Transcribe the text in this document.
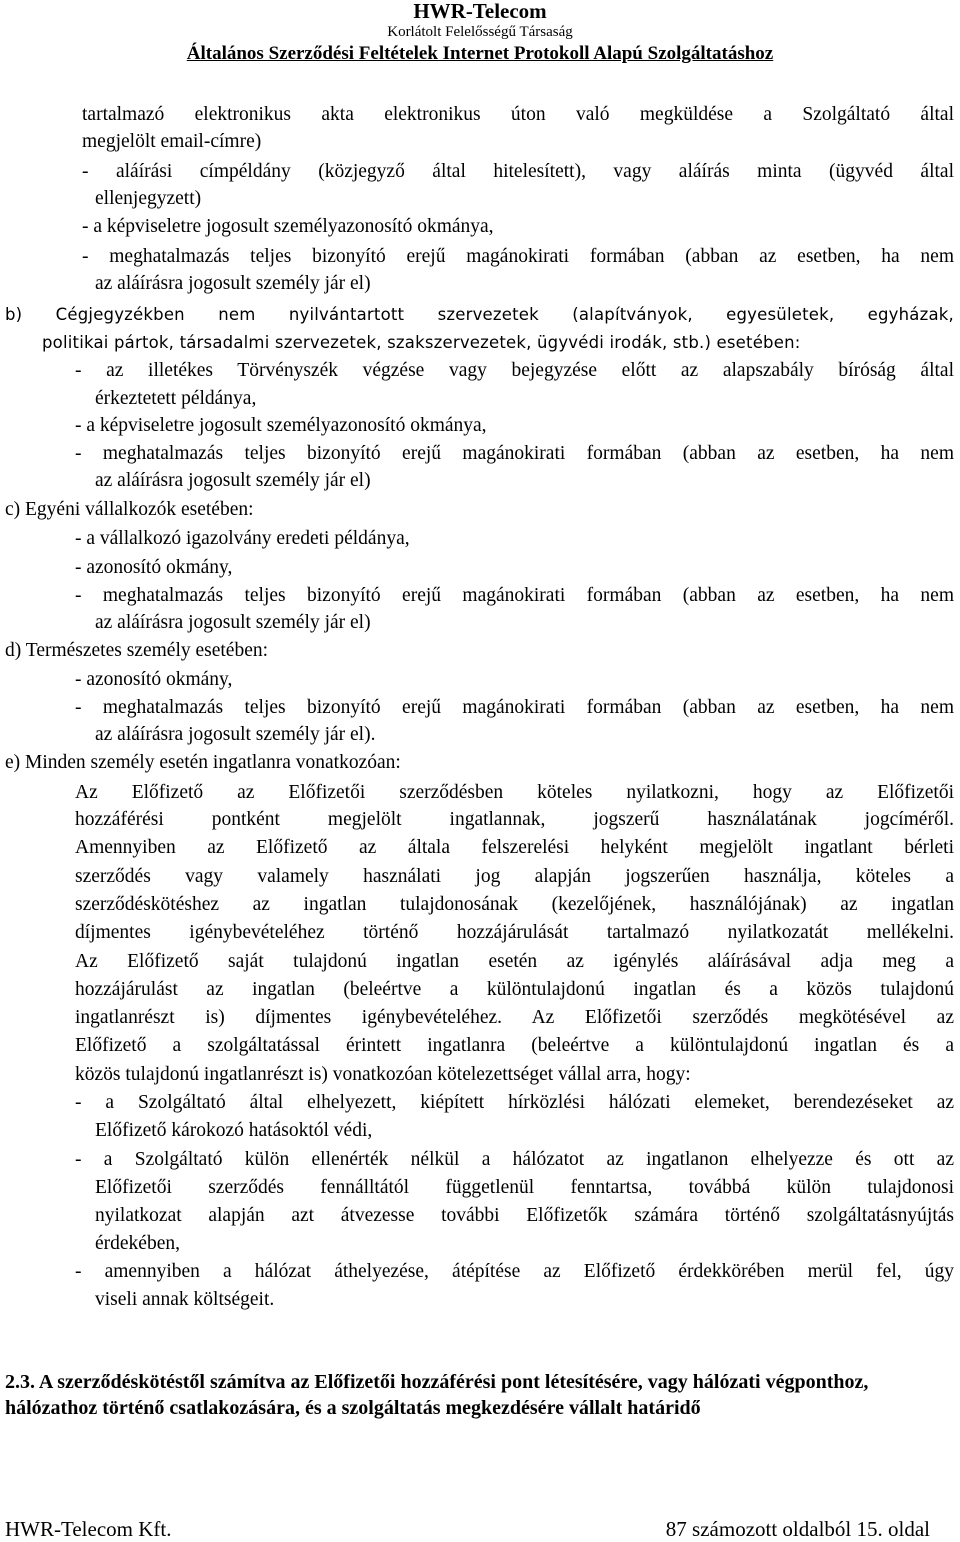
HWR-Telecom
Korlátolt Felelősségű Társaság
Általános Szerződési Feltételek Internet Protokoll Alapú Szolgáltatáshoz
tartalmazó elektronikus akta elektronikus úton való megküldése a Szolgáltató által
megjelölt email-címre)
- aláírási címpéldány (közjegyző által hitelesített), vagy aláírás minta (ügyvéd által
ellenjegyzett)
- a képviseletre jogosult személyazonosító okmánya,
- meghatalmazás teljes bizonyító erejű magánokirati formában (abban az esetben, ha nem
az aláírásra jogosult személy jár el)
b) Cégjegyzékben nem nyilvántartott szervezetek (alapítványok, egyesületek, egyházak,
politikai pártok, társadalmi szervezetek, szakszervezetek, ügyvédi irodák, stb.) esetében:
- az illetékes Törvényszék végzése vagy bejegyzése előtt az alapszabály bíróság által
érkeztetett példánya,
- a képviseletre jogosult személyazonosító okmánya,
- meghatalmazás teljes bizonyító erejű magánokirati formában (abban az esetben, ha nem
az aláírásra jogosult személy jár el)
c) Egyéni vállalkozók esetében:
- a vállalkozó igazolvány eredeti példánya,
- azonosító okmány,
- meghatalmazás teljes bizonyító erejű magánokirati formában (abban az esetben, ha nem
az aláírásra jogosult személy jár el)
d) Természetes személy esetében:
- azonosító okmány,
- meghatalmazás teljes bizonyító erejű magánokirati formában (abban az esetben, ha nem
az aláírásra jogosult személy jár el).
e) Minden személy esetén ingatlanra vonatkozóan:
Az Előfizető az Előfizetői szerződésben köteles nyilatkozni, hogy az Előfizetői
hozzáférési pontként megjelölt ingatlannak, jogszerű használatának jogcíméről.
Amennyiben az Előfizető az általa felszerelési helyként megjelölt ingatlant bérleti
szerződés vagy valamely használati jog alapján jogszerűen használja, köteles a
szerződéskötéshez az ingatlan tulajdonosának (kezelőjének, használójának) az ingatlan
díjmentes igénybevételéhez történő hozzájárulását tartalmazó nyilatkozatát mellékelni.
Az Előfizető saját tulajdonú ingatlan esetén az igénylés aláírásával adja meg a
hozzájárulást az ingatlan (beleértve a különtulajdonú ingatlan és a közös tulajdonú
ingatlanrészt is) díjmentes igénybevételéhez. Az Előfizetői szerződés megkötésével az
Előfizető a szolgáltatással érintett ingatlanra (beleértve a különtulajdonú ingatlan és a
közös tulajdonú ingatlanrészt is) vonatkozóan kötelezettséget vállal arra, hogy:
- a Szolgáltató által elhelyezett, kiépített hírközlési hálózati elemeket, berendezéseket az
Előfizető károkozó hatásoktól védi,
- a Szolgáltató külön ellenérték nélkül a hálózatot az ingatlanon elhelyezze és ott az
Előfizetői szerződés fennálltától függetlenül fenntartsa, továbbá külön tulajdonosi
nyilatkozat alapján azt átvezesse további Előfizetők számára történő szolgáltatásnyújtás
érdekében,
- amennyiben a hálózat áthelyezése, átépítése az Előfizető érdekkörében merül fel, úgy
viseli annak költségeit.
2.3. A szerződéskötéstől számítva az Előfizetői hozzáférési pont létesítésére, vagy hálózati végponthoz, hálózathoz történő csatlakozására, és a szolgáltatás megkezdésére vállalt határidő
HWR-Telecom Kft.	87 számozott oldalból 15. oldal
